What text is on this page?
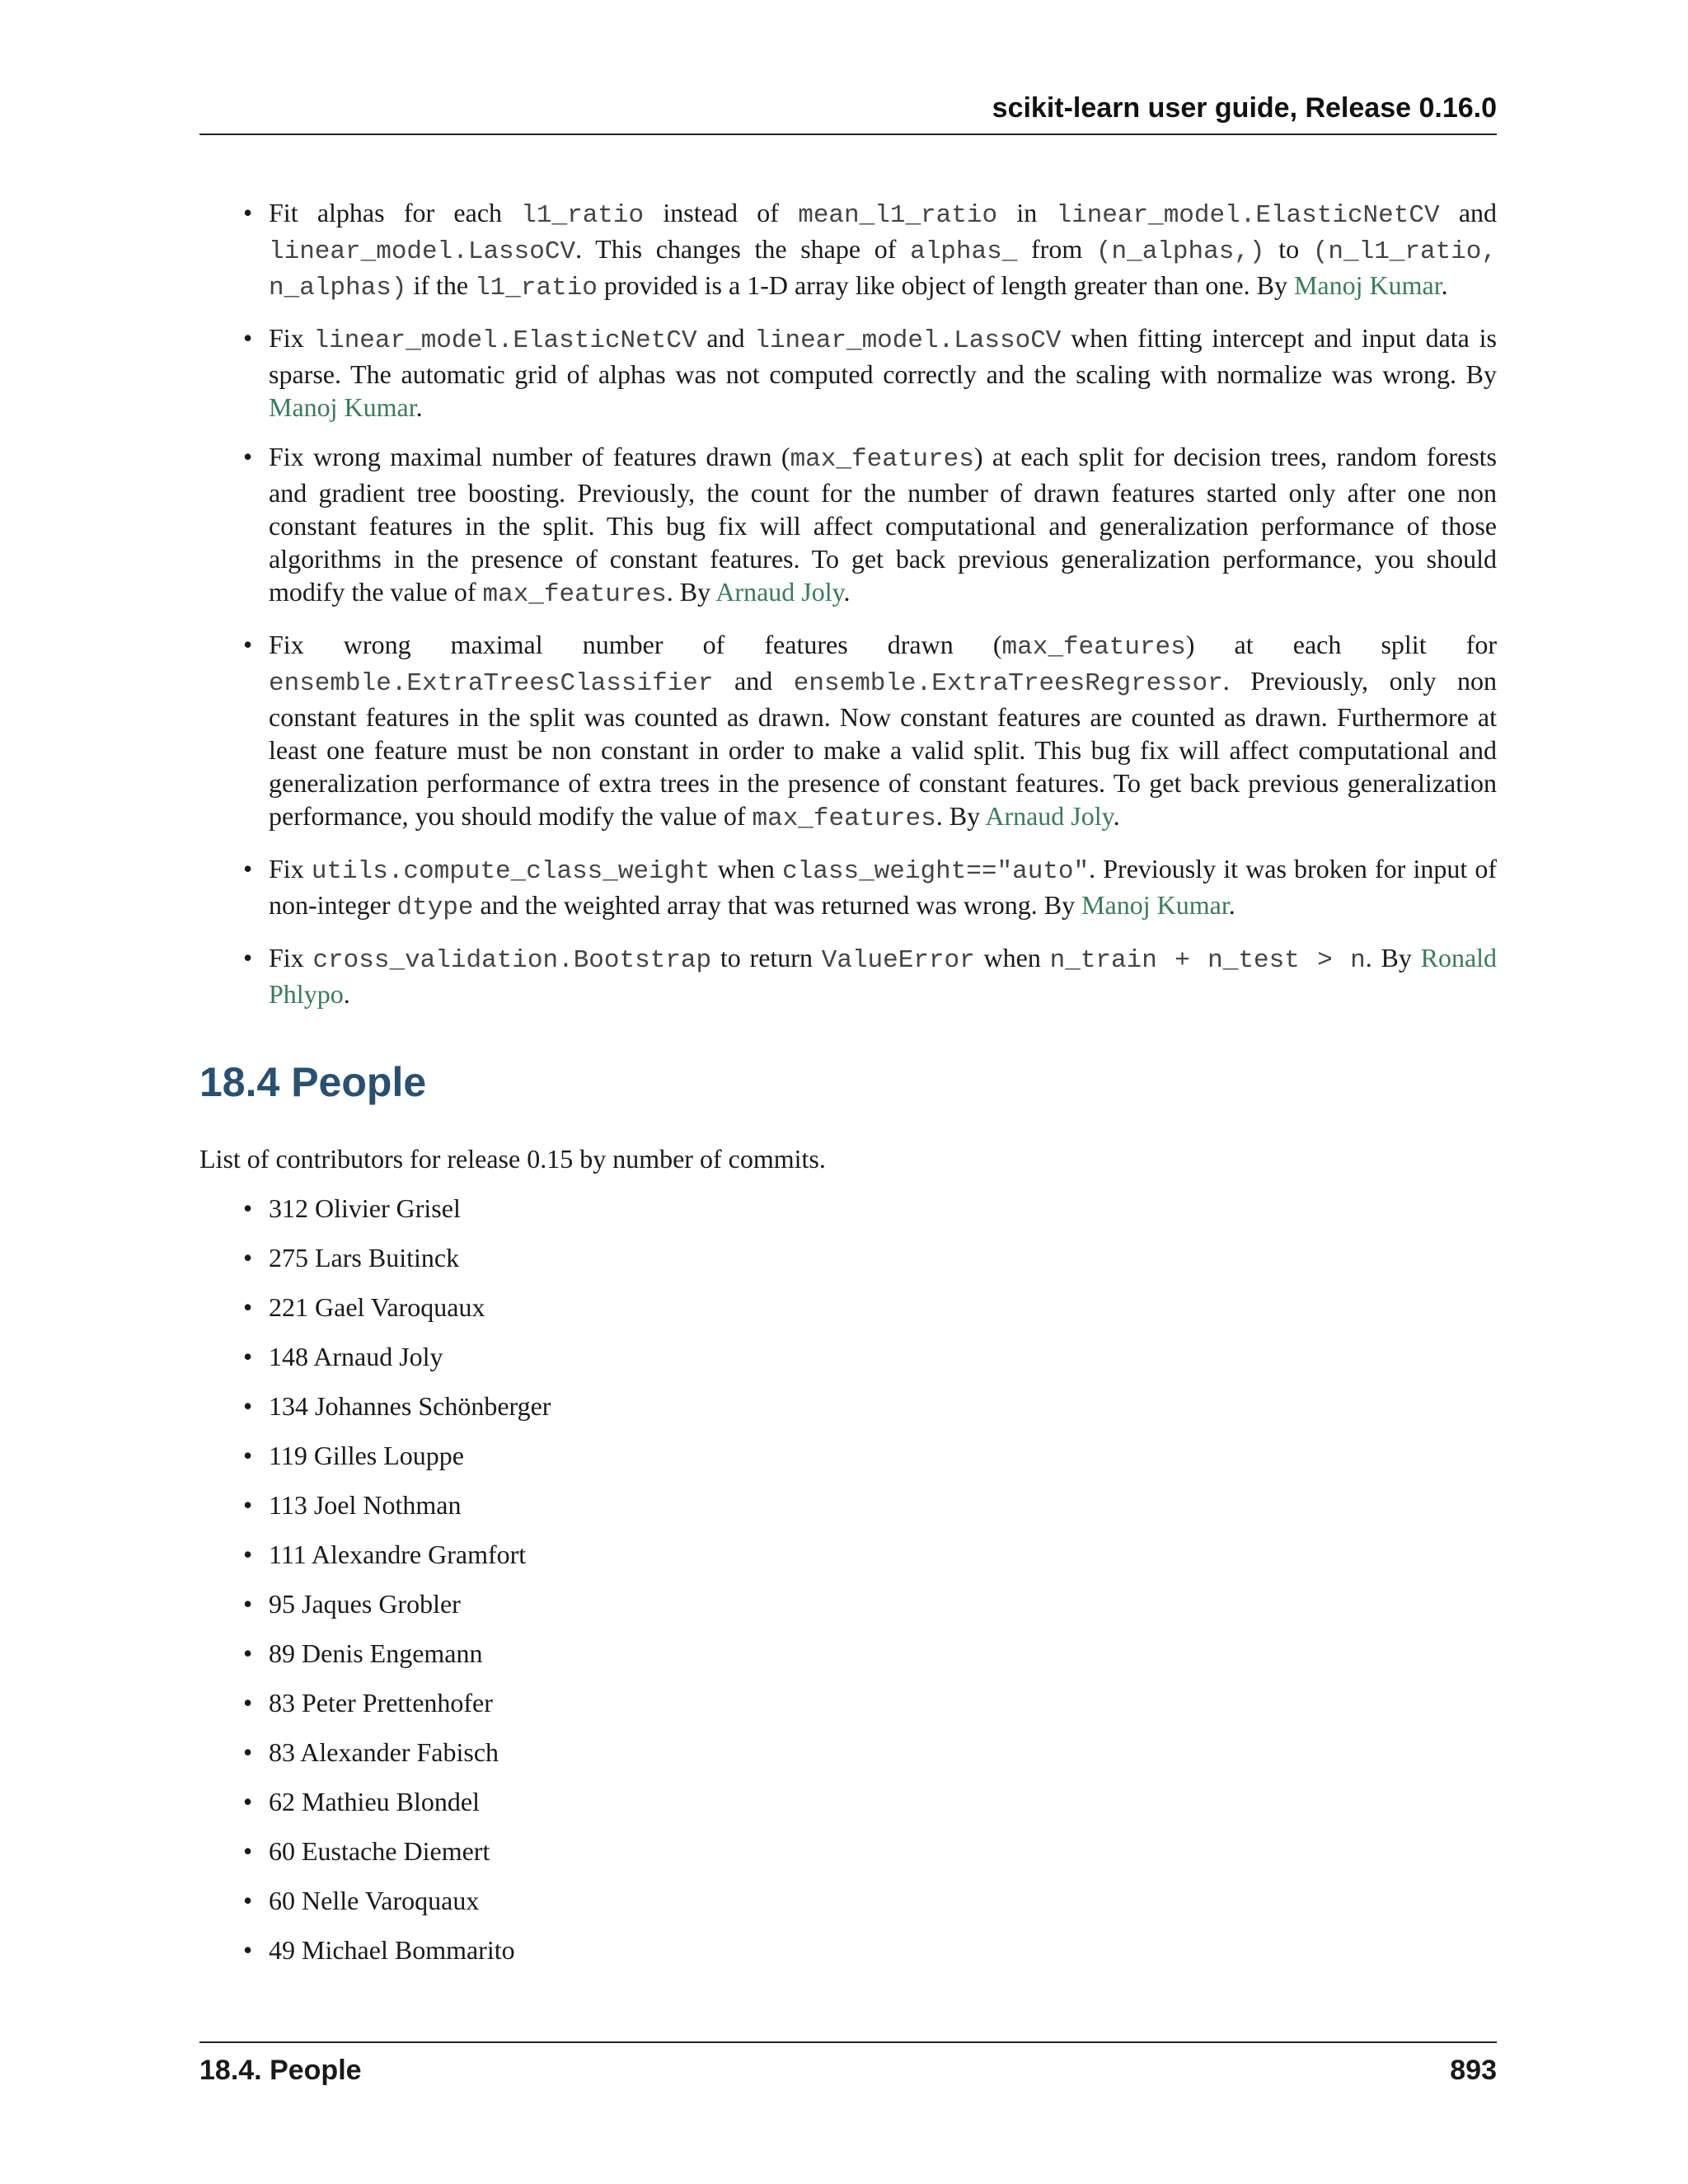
scikit-learn user guide, Release 0.16.0
• Fit alphas for each l1_ratio instead of mean_l1_ratio in linear_model.ElasticNetCV and linear_model.LassoCV. This changes the shape of alphas_ from (n_alphas,) to (n_l1_ratio, n_alphas) if the l1_ratio provided is a 1-D array like object of length greater than one. By Manoj Kumar.
• Fix linear_model.ElasticNetCV and linear_model.LassoCV when fitting intercept and input data is sparse. The automatic grid of alphas was not computed correctly and the scaling with normalize was wrong. By Manoj Kumar.
• Fix wrong maximal number of features drawn (max_features) at each split for decision trees, random forests and gradient tree boosting. Previously, the count for the number of drawn features started only after one non constant features in the split. This bug fix will affect computational and generalization performance of those algorithms in the presence of constant features. To get back previous generalization performance, you should modify the value of max_features. By Arnaud Joly.
• Fix wrong maximal number of features drawn (max_features) at each split for ensemble.ExtraTreesClassifier and ensemble.ExtraTreesRegressor. Previously, only non constant features in the split was counted as drawn. Now constant features are counted as drawn. Furthermore at least one feature must be non constant in order to make a valid split. This bug fix will affect computational and generalization performance of extra trees in the presence of constant features. To get back previous generalization performance, you should modify the value of max_features. By Arnaud Joly.
• Fix utils.compute_class_weight when class_weight=="auto". Previously it was broken for input of non-integer dtype and the weighted array that was returned was wrong. By Manoj Kumar.
• Fix cross_validation.Bootstrap to return ValueError when n_train + n_test > n. By Ronald Phlypo.
18.4 People

List of contributors for release 0.15 by number of commits.

• 312 Olivier Grisel
• 275 Lars Buitinck
• 221 Gael Varoquaux
• 148 Arnaud Joly
• 134 Johannes Schönberger
• 119 Gilles Louppe
• 113 Joel Nothman
• 111 Alexandre Gramfort
• 95 Jaques Grobler
• 89 Denis Engemann
• 83 Peter Prettenhofer
• 83 Alexander Fabisch
• 62 Mathieu Blondel
• 60 Eustache Diemert
• 60 Nelle Varoquaux
• 49 Michael Bommarito
18.4. People	893
